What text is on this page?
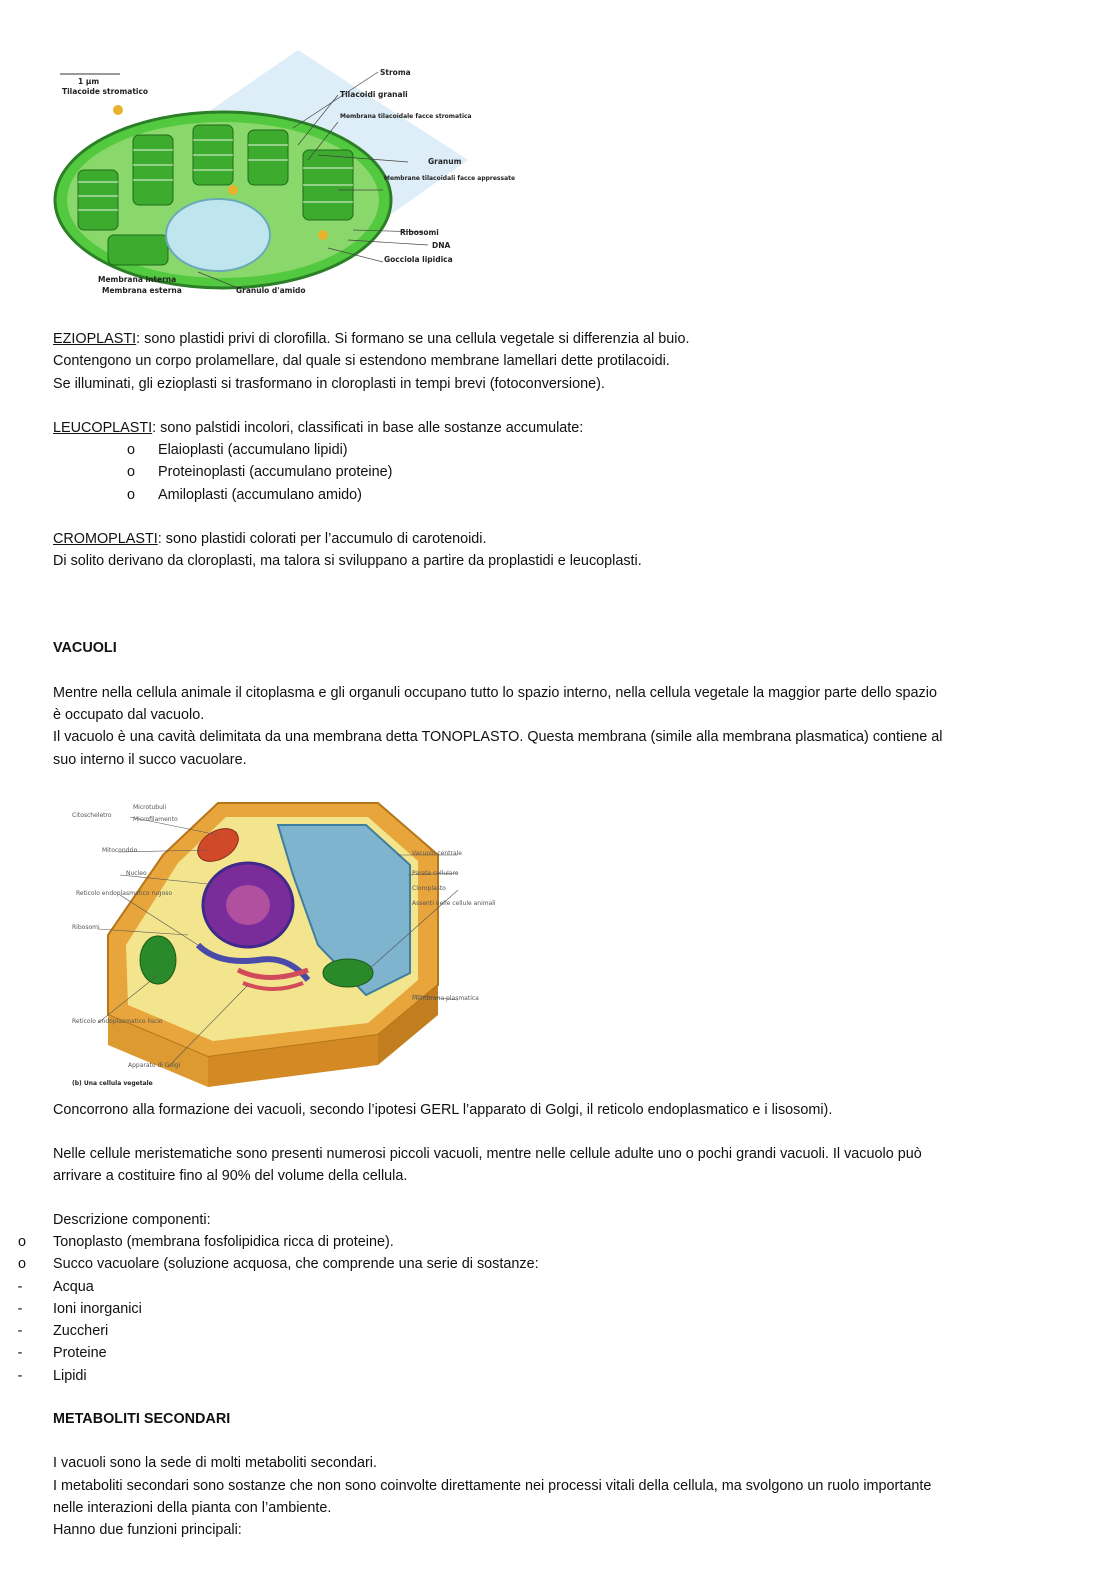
1 µm
Tilacoide stromatico
Stroma
Tilacoidi granali
Membrana tilacoidale facce stromatica
Granum
Membrane tilacoidali facce appressate
Ribosomi
DNA
Gocciola lipidica
Membrana interna
Membrana esterna	Granulo d'amido
EZIOPLASTI: sono plastidi privi di clorofilla. Si formano se una cellula vegetale si differenzia al buio.
Contengono un corpo prolamellare, dal quale si estendono membrane lamellari dette protilacoidi.
Se illuminati, gli ezioplasti si trasformano in cloroplasti in tempi brevi (fotoconversione).
LEUCOPLASTI: sono palstidi incolori, classificati in base alle sostanze accumulate:
o	Elaioplasti (accumulano lipidi)
o	Proteinoplasti (accumulano proteine)
o	Amiloplasti (accumulano amido)
CROMOPLASTI: sono plastidi colorati per l’accumulo di carotenoidi.
Di solito derivano da cloroplasti, ma talora si sviluppano a partire da proplastidi e leucoplasti.
VACUOLI
Mentre nella cellula animale il citoplasma e gli organuli occupano tutto lo spazio interno, nella cellula vegetale la maggior parte dello spazio
è occupato dal vacuolo.
Il vacuolo è una cavità delimitata da una membrana detta TONOPLASTO. Questa membrana (simile alla membrana plasmatica) contiene al
suo interno il succo vacuolare.
Citoscheletro
Microtubuli
Microfilamento
Mitocondrio
Nucleo
Reticolo endoplasmatico rugoso
Ribosomi
Reticolo endoplasmatico liscio
Apparato di Golgi
Vacuolo centrale
Parete cellulare
Cloroplasto
Assenti nelle cellule animali
Membrana plasmatica
(b) Una cellula vegetale
Concorrono alla formazione dei vacuoli, secondo l’ipotesi GERL l’apparato di Golgi, il reticolo endoplasmatico e i lisosomi).
Nelle cellule meristematiche sono presenti numerosi piccoli vacuoli, mentre nelle cellule adulte uno o pochi grandi vacuoli. Il vacuolo può
arrivare a costituire fino al 90% del volume della cellula.
Descrizione componenti:
o	Tonoplasto (membrana fosfolipidica ricca di proteine).
o	Succo vacuolare (soluzione acquosa, che comprende una serie di sostanze:
-	Acqua
-	Ioni inorganici
-	Zuccheri
-	Proteine
-	Lipidi
METABOLITI SECONDARI
I vacuoli sono la sede di molti metaboliti secondari.
I metaboliti secondari sono sostanze che non sono coinvolte direttamente nei processi vitali della cellula, ma svolgono un ruolo importante
nelle interazioni della pianta con l’ambiente.
Hanno due funzioni principali:
